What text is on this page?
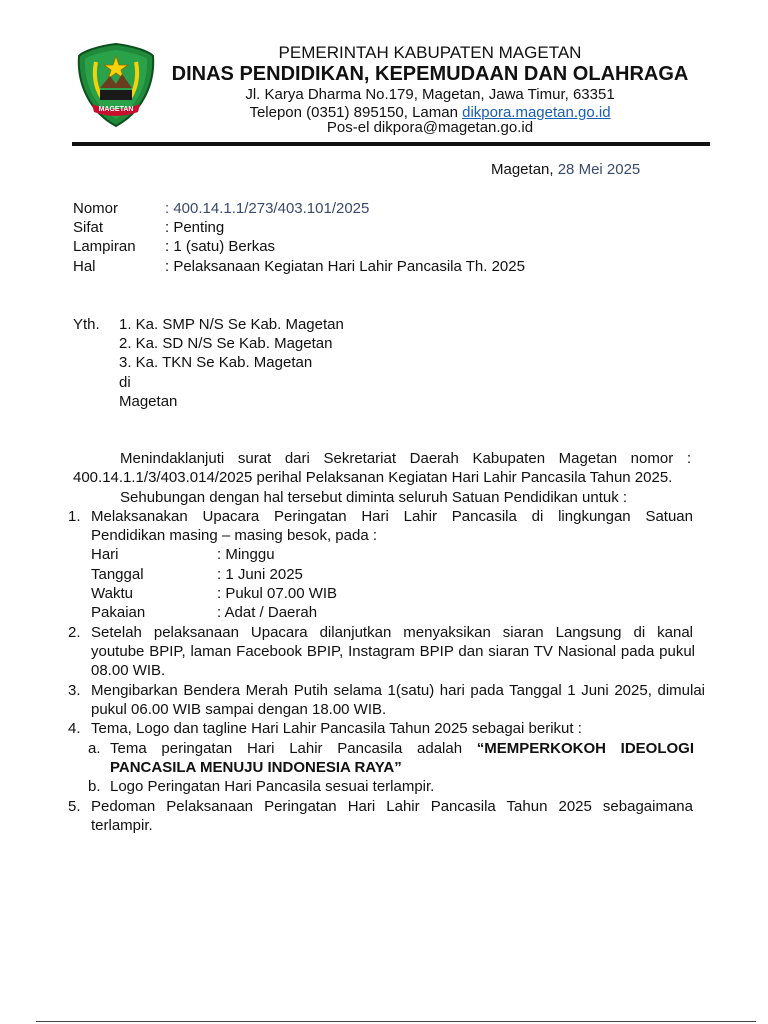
MAGETAN
PEMERINTAH KABUPATEN MAGETAN
DINAS PENDIDIKAN, KEPEMUDAAN DAN OLAHRAGA
Jl. Karya Dharma No.179, Magetan, Jawa Timur, 63351
Telepon (0351) 895150, Laman dikpora.magetan.go.id
Pos-el dikpora@magetan.go.id
Magetan, 28 Mei 2025
Nomor	: 400.14.1.1/273/403.101/2025
Sifat	: Penting
Lampiran : 1 (satu) Berkas
Hal	: Pelaksanaan Kegiatan Hari Lahir Pancasila Th. 2025
Yth. 1. Ka. SMP N/S Se Kab. Magetan
2. Ka. SD N/S Se Kab. Magetan
3. Ka. TKN Se Kab. Magetan
di
Magetan
Menindaklanjuti surat dari Sekretariat Daerah Kabupaten Magetan nomor :
400.14.1.1/3/403.014/2025 perihal Pelaksanan Kegiatan Hari Lahir Pancasila Tahun 2025.
Sehubungan dengan hal tersebut diminta seluruh Satuan Pendidikan untuk :
1. Melaksanakan Upacara Peringatan Hari Lahir Pancasila di lingkungan Satuan
Pendidikan masing – masing besok, pada :
Hari	: Minggu
Tanggal	: 1 Juni 2025
Waktu	: Pukul 07.00 WIB
Pakaian	: Adat / Daerah
2. Setelah pelaksanaan Upacara dilanjutkan menyaksikan siaran Langsung di kanal
youtube BPIP, laman Facebook BPIP, Instagram BPIP dan siaran TV Nasional pada pukul
08.00 WIB.
3. Mengibarkan Bendera Merah Putih selama 1(satu) hari pada Tanggal 1 Juni 2025, dimulai
pukul 06.00 WIB sampai dengan 18.00 WIB.
4. Tema, Logo dan tagline Hari Lahir Pancasila Tahun 2025 sebagai berikut :
a. Tema peringatan Hari Lahir Pancasila adalah “MEMPERKOKOH IDEOLOGI
PANCASILA MENUJU INDONESIA RAYA”
b. Logo Peringatan Hari Pancasila sesuai terlampir.
5. Pedoman Pelaksanaan Peringatan Hari Lahir Pancasila Tahun 2025 sebagaimana
terlampir.
